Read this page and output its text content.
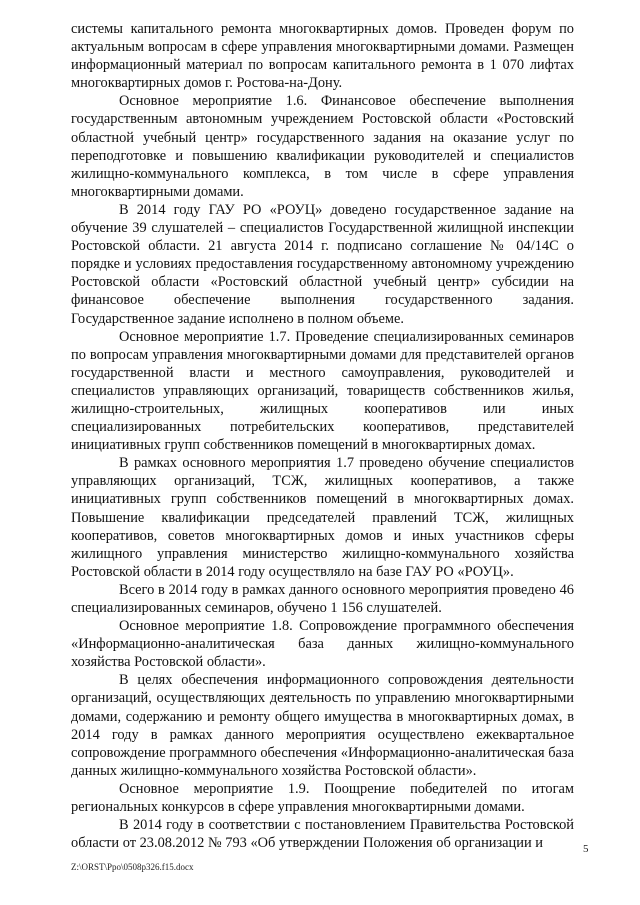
системы капитального ремонта многоквартирных домов. Проведен форум по актуальным вопросам в сфере управления многоквартирными домами. Размещен информационный материал по вопросам капитального ремонта в 1 070 лифтах многоквартирных домов г. Ростова-на-Дону.

Основное мероприятие 1.6. Финансовое обеспечение выполнения государственным автономным учреждением Ростовской области «Ростовский областной учебный центр» государственного задания на оказание услуг по переподготовке и повышению квалификации руководителей и специалистов жилищно-коммунального комплекса, в том числе в сфере управления многоквартирными домами.

В 2014 году ГАУ РО «РОУЦ» доведено государственное задание на обучение 39 слушателей – специалистов Государственной жилищной инспекции Ростовской области. 21 августа 2014 г. подписано соглашение № 04/14С о порядке и условиях предоставления государственному автономному учреждению Ростовской области «Ростовский областной учебный центр» субсидии на финансовое обеспечение выполнения государственного задания. Государственное задание исполнено в полном объеме.

Основное мероприятие 1.7. Проведение специализированных семинаров по вопросам управления многоквартирными домами для представителей органов государственной власти и местного самоуправления, руководителей и специалистов управляющих организаций, товариществ собственников жилья, жилищно-строительных, жилищных кооперативов или иных специализированных потребительских кооперативов, представителей инициативных групп собственников помещений в многоквартирных домах.

В рамках основного мероприятия 1.7 проведено обучение специалистов управляющих организаций, ТСЖ, жилищных кооперативов, а также инициативных групп собственников помещений в многоквартирных домах. Повышение квалификации председателей правлений ТСЖ, жилищных кооперативов, советов многоквартирных домов и иных участников сферы жилищного управления министерство жилищно-коммунального хозяйства Ростовской области в 2014 году осуществляло на базе ГАУ РО «РОУЦ».

Всего в 2014 году в рамках данного основного мероприятия проведено 46 специализированных семинаров, обучено 1 156 слушателей.

Основное мероприятие 1.8. Сопровождение программного обеспечения «Информационно-аналитическая база данных жилищно-коммунального хозяйства Ростовской области».

В целях обеспечения информационного сопровождения деятельности организаций, осуществляющих деятельность по управлению многоквартирными домами, содержанию и ремонту общего имущества в многоквартирных домах, в 2014 году в рамках данного мероприятия осуществлено ежеквартальное сопровождение программного обеспечения «Информационно-аналитическая база данных жилищно-коммунального хозяйства Ростовской области».

Основное мероприятие 1.9. Поощрение победителей по итогам региональных конкурсов в сфере управления многоквартирными домами.

В 2014 году в соответствии с постановлением Правительства Ростовской области от 23.08.2012 № 793 «Об утверждении Положения об организации и	5
Z:\ORST\Ppo\0508p326.f15.docx
